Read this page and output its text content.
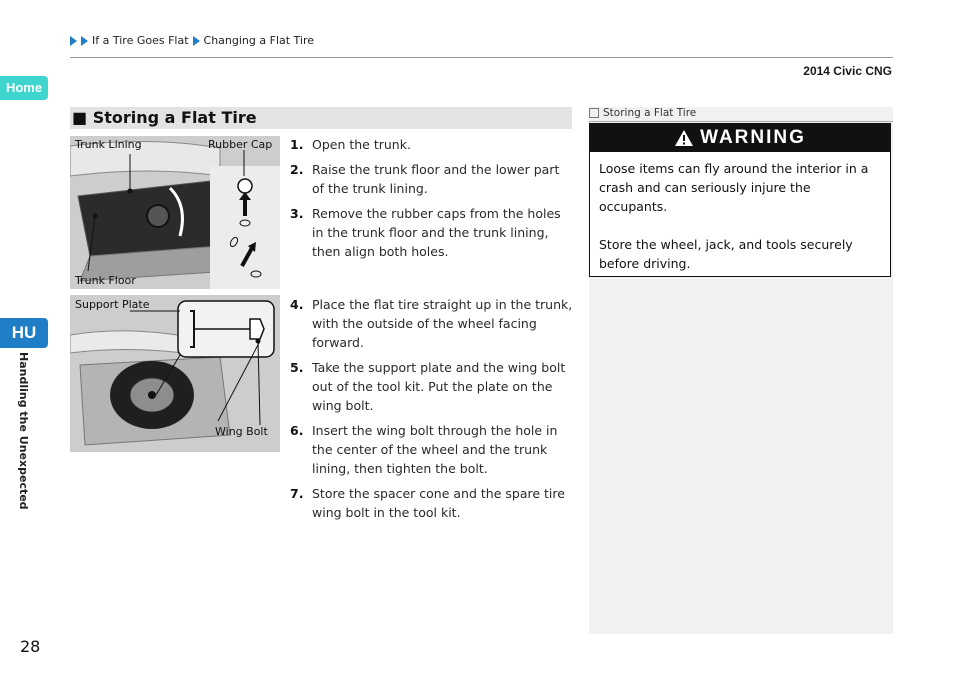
If a Tire Goes Flat Changing a Flat Tire
2014 Civic CNG
Home
HU
Handling the Unexpected
■ Storing a Flat Tire
Trunk Lining	Rubber Cap
Trunk Floor
Support Plate
Wing Bolt
1. Open the trunk.
2. Raise the trunk floor and the lower part of the trunk lining.
3. Remove the rubber caps from the holes in the trunk floor and the trunk lining, then align both holes.
4. Place the flat tire straight up in the trunk, with the outside of the wheel facing forward.
5. Take the support plate and the wing bolt out of the tool kit. Put the plate on the wing bolt.
6. Insert the wing bolt through the hole in the center of the wheel and the trunk lining, then tighten the bolt.
7. Store the spacer cone and the spare tire wing bolt in the tool kit.
Storing a Flat Tire
WARNING

Loose items can fly around the interior in a crash and can seriously injure the occupants.

Store the wheel, jack, and tools securely before driving.

28
